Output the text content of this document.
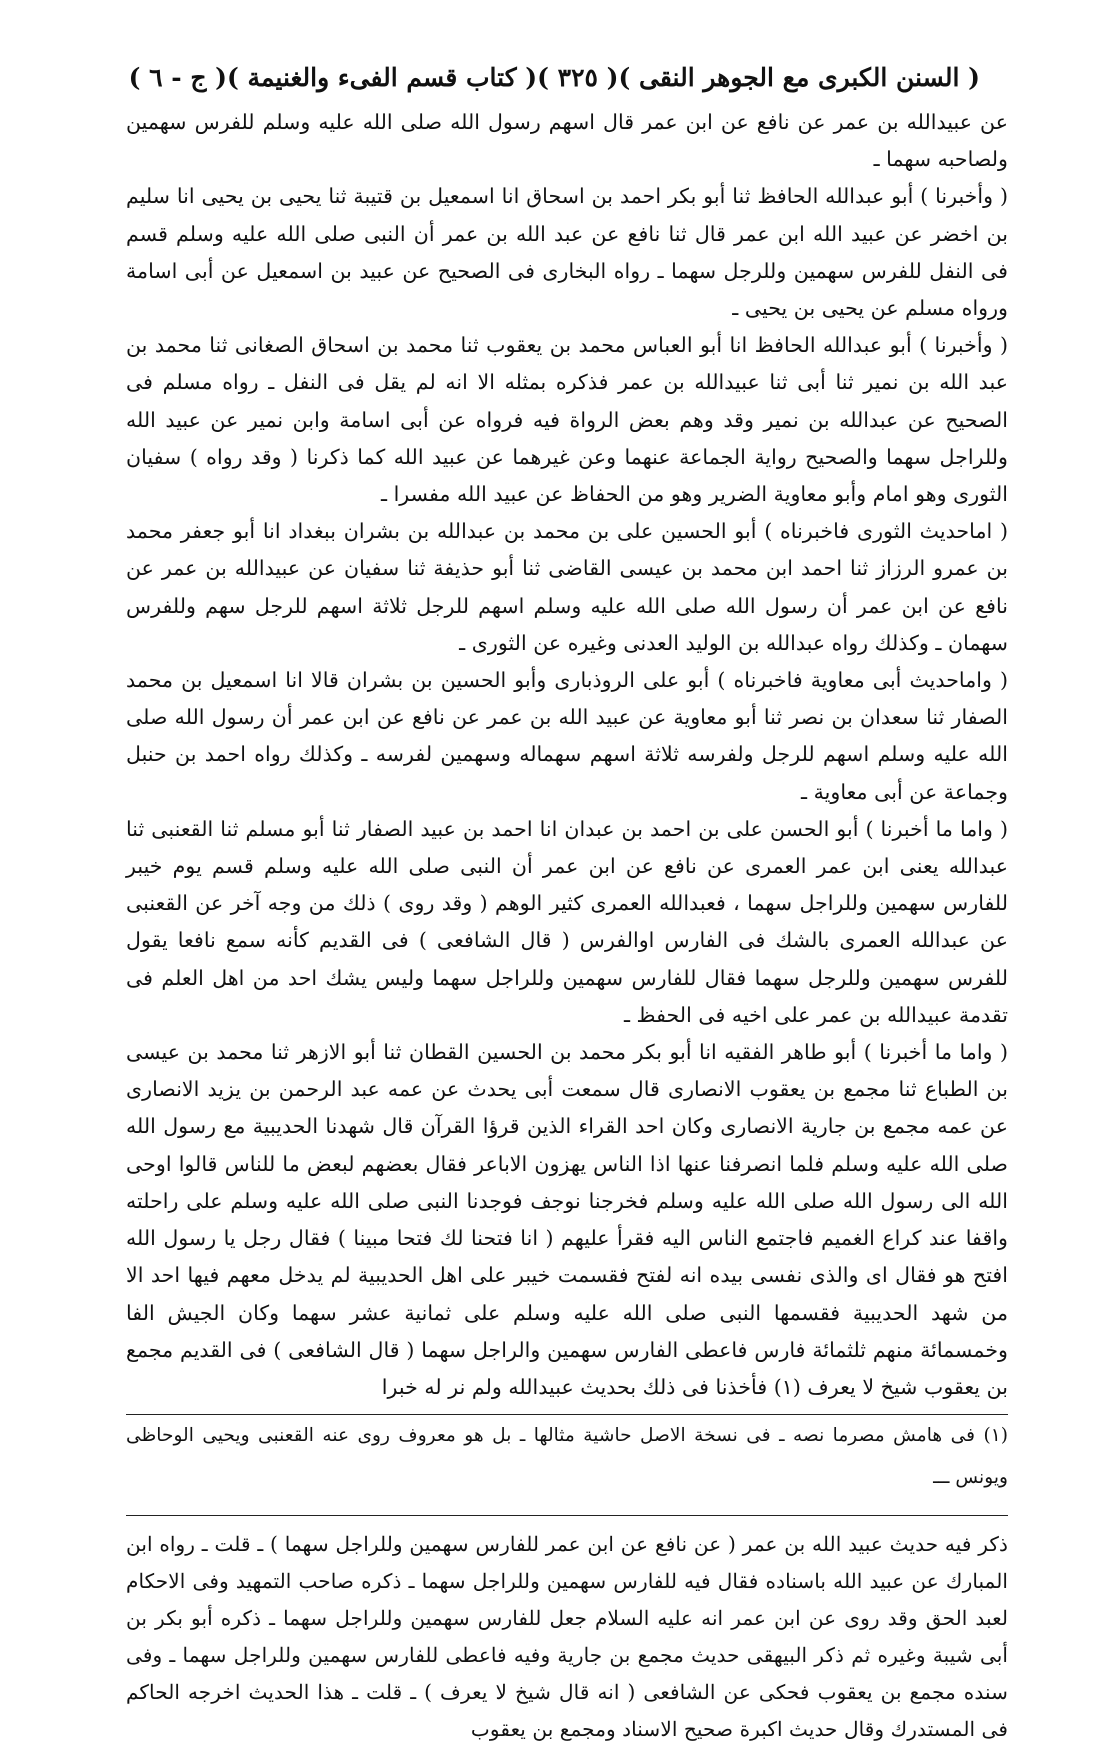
( السنن الكبرى مع الجوهر النقى )
( ٣٢٥ )
( كتاب قسم الفىء والغنيمة )
( ج - ٦ )

عن عبيدالله بن عمر عن نافع عن ابن عمر قال اسهم رسول الله صلى الله عليه وسلم للفرس سهمين ولصاحبه سهما ـ

( وأخبرنا ) أبو عبدالله الحافظ ثنا أبو بكر احمد بن اسحاق انا اسمعيل بن قتيبة ثنا يحيى بن يحيى انا سليم بن اخضر عن عبيد الله ابن عمر قال ثنا نافع عن عبد الله بن عمر أن النبى صلى الله عليه وسلم قسم فى النفل للفرس سهمين وللرجل سهما ـ رواه البخارى فى الصحيح عن عبيد بن اسمعيل عن أبى اسامة ورواه مسلم عن يحيى بن يحيى ـ

( وأخبرنا ) أبو عبدالله الحافظ انا أبو العباس محمد بن يعقوب ثنا محمد بن اسحاق الصغانى ثنا محمد بن عبد الله بن نمير ثنا أبى ثنا عبيدالله بن عمر فذكره بمثله الا انه لم يقل فى النفل ـ رواه مسلم فى الصحيح عن عبدالله بن نمير وقد وهم بعض الرواة فيه فرواه عن أبى اسامة وابن نمير عن عبيد الله وللراجل سهما والصحيح رواية الجماعة عنهما وعن غيرهما عن عبيد الله كما ذكرنا ( وقد رواه ) سفيان الثورى وهو امام وأبو معاوية الضرير وهو من الحفاظ عن عبيد الله مفسرا ـ

( اماحديث الثورى فاخبرناه ) أبو الحسين على بن محمد بن عبدالله بن بشران ببغداد انا أبو جعفر محمد بن عمرو الرزاز ثنا احمد ابن محمد بن عيسى القاضى ثنا أبو حذيفة ثنا سفيان عن عبيدالله بن عمر عن نافع عن ابن عمر أن رسول الله صلى الله عليه وسلم اسهم للرجل ثلاثة اسهم للرجل سهم وللفرس سهمان ـ وكذلك رواه عبدالله بن الوليد العدنى وغيره عن الثورى ـ

( واماحديث أبى معاوية فاخبرناه ) أبو على الروذبارى وأبو الحسين بن بشران قالا انا اسمعيل بن محمد الصفار ثنا سعدان بن نصر ثنا أبو معاوية عن عبيد الله بن عمر عن نافع عن ابن عمر أن رسول الله صلى الله عليه وسلم اسهم للرجل ولفرسه ثلاثة اسهم سهماله وسهمين لفرسه ـ وكذلك رواه احمد بن حنبل وجماعة عن أبى معاوية ـ

( واما ما أخبرنا ) أبو الحسن على بن احمد بن عبدان انا احمد بن عبيد الصفار ثنا أبو مسلم ثنا القعنبى ثنا عبدالله يعنى ابن عمر العمرى عن نافع عن ابن عمر أن النبى صلى الله عليه وسلم قسم يوم خيبر للفارس سهمين وللراجل سهما ، فعبدالله العمرى كثير الوهم ( وقد روى ) ذلك من وجه آخر عن القعنبى عن عبدالله العمرى بالشك فى الفارس اوالفرس ( قال الشافعى ) فى القديم كأنه سمع نافعا يقول للفرس سهمين وللرجل سهما فقال للفارس سهمين وللراجل سهما وليس يشك احد من اهل العلم فى تقدمة عبيدالله بن عمر على اخيه فى الحفظ ـ

( واما ما أخبرنا ) أبو طاهر الفقيه انا أبو بكر محمد بن الحسين القطان ثنا أبو الازهر ثنا محمد بن عيسى بن الطباع ثنا مجمع بن يعقوب الانصارى قال سمعت أبى يحدث عن عمه عبد الرحمن بن يزيد الانصارى عن عمه مجمع بن جارية الانصارى وكان احد القراء الذين قرؤا القرآن قال شهدنا الحديبية مع رسول الله صلى الله عليه وسلم فلما انصرفنا عنها اذا الناس يهزون الاباعر فقال بعضهم لبعض ما للناس قالوا اوحى الله الى رسول الله صلى الله عليه وسلم فخرجنا نوجف فوجدنا النبى صلى الله عليه وسلم على راحلته واقفا عند كراع الغميم فاجتمع الناس اليه فقرأ عليهم ( انا فتحنا لك فتحا مبينا ) فقال رجل يا رسول الله افتح هو فقال اى والذى نفسى بيده انه لفتح فقسمت خيبر على اهل الحديبية لم يدخل معهم فيها احد الا من شهد الحديبية فقسمها النبى صلى الله عليه وسلم على ثمانية عشر سهما وكان الجيش الفا وخمسمائة منهم ثلثمائة فارس فاعطى الفارس سهمين والراجل سهما ( قال الشافعى ) فى القديم مجمع بن يعقوب شيخ لا يعرف (١) فأخذنا فى ذلك بحديث عبيدالله ولم نر له خبرا

(١) فى هامش مصرما نصه ـ فى نسخة الاصل حاشية مثالها ـ بل هو معروف روى عنه القعنبى ويحيى الوحاظى ويونس ـــ

ذكر فيه حديث عبيد الله بن عمر ( عن نافع عن ابن عمر للفارس سهمين وللراجل سهما ) ـ قلت ـ رواه ابن المبارك عن عبيد الله باسناده فقال فيه للفارس سهمين وللراجل سهما ـ ذكره صاحب التمهيد وفى الاحكام لعبد الحق وقد روى عن ابن عمر انه عليه السلام جعل للفارس سهمين وللراجل سهما ـ ذكره أبو بكر بن أبى شيبة وغيره ثم ذكر البيهقى حديث مجمع بن جارية وفيه فاعطى للفارس سهمين وللراجل سهما ـ وفى سنده مجمع بن يعقوب فحكى عن الشافعى ( انه قال شيخ لا يعرف ) ـ قلت ـ هذا الحديث اخرجه الحاكم فى المستدرك وقال حديث اكبرة صحيح الاسناد ومجمع بن يعقوب
